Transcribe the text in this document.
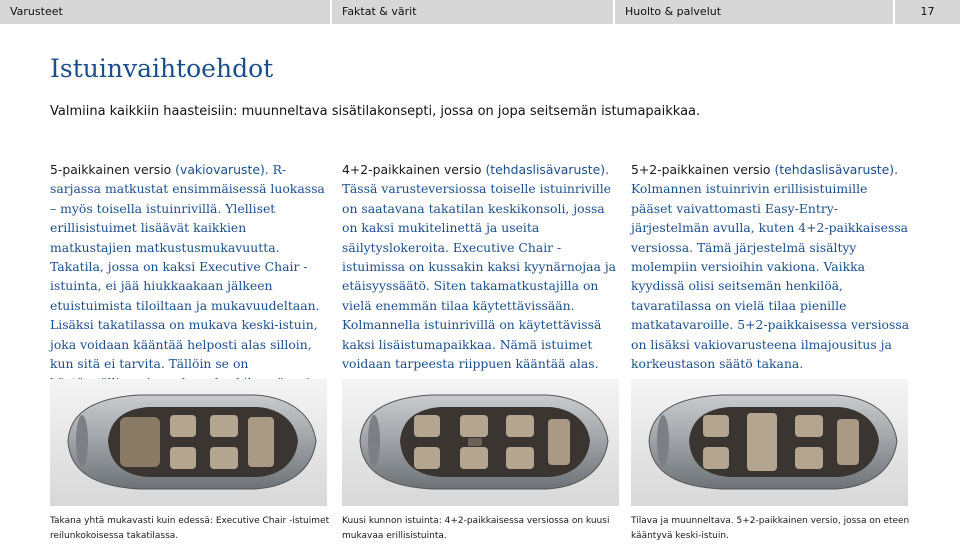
Varusteet	Faktat & värit	Huolto & palvelut	17
Istuinvaihtoehdot
Valmiina kaikkiin haasteisiin: muunneltava sisätilakonsepti, jossa on jopa seitsemän istumapaikkaa.
5-paikkainen versio (vakiovaruste). R-sarjassa matkustat ensimmäisessä luokassa – myös toisella istuinrivillä. Ylelliset erillisistuimet lisäävät kaikkien matkustajien matkustusmukavuutta. Takatila, jossa on kaksi Executive Chair -istuinta, ei jää hiukkaakaan jälkeen etuistuimista tiloiltaan ja mukavuudeltaan. Lisäksi takatilassa on mukava keski-istuin, joka voidaan kääntää helposti alas silloin, kun sitä ei tarvita. Tällöin se on
4+2-paikkainen versio (tehdaslisävaruste). Tässä varusteversiossa toiselle istuinriville on saatavana takatilan keskikonsoli, jossa on kaksi mukitelinettä ja useita säilytyslokeroita. Executive Chair -istuimissa on kussakin kaksi kyynärnojaa ja etäisyyssäätö. Siten takamatkustajilla on vielä enemmän tilaa käytettävissään. Kolmannella istuinrivillä on käytettävissä kaksi lisäistumapaikkaa. Nämä istuimet voidaan tarpeesta riippuen kääntää alas.
5+2-paikkainen versio (tehdaslisävaruste). Kolmannen istuinrivin erillisistuimille pääset vaivattomasti Easy-Entry-järjestelmän avulla, kuten 4+2-paikkaisessa versiossa. Tämä järjestelmä sisältyy molempiin versioihin vakiona. Vaikka kyydissä olisi seitsemän henkilöä, tavaratilassa on vielä tilaa pienille matkatavaroille. 5+2-paikkaisessa versiossa on lisäksi vakiovarusteena ilmajousitus ja korkeustason säätö takana.
Takana yhtä mukavasti kuin edessä: Executive Chair -istuimet reilunkokoisessa takatilassa.
Kuusi kunnon istuinta: 4+2-paikkaisessa versiossa on kuusi mukavaa erillisistuinta.
Tilava ja muunneltava. 5+2-paikkainen versio, jossa on eteen kääntyvä keski-istuin.
